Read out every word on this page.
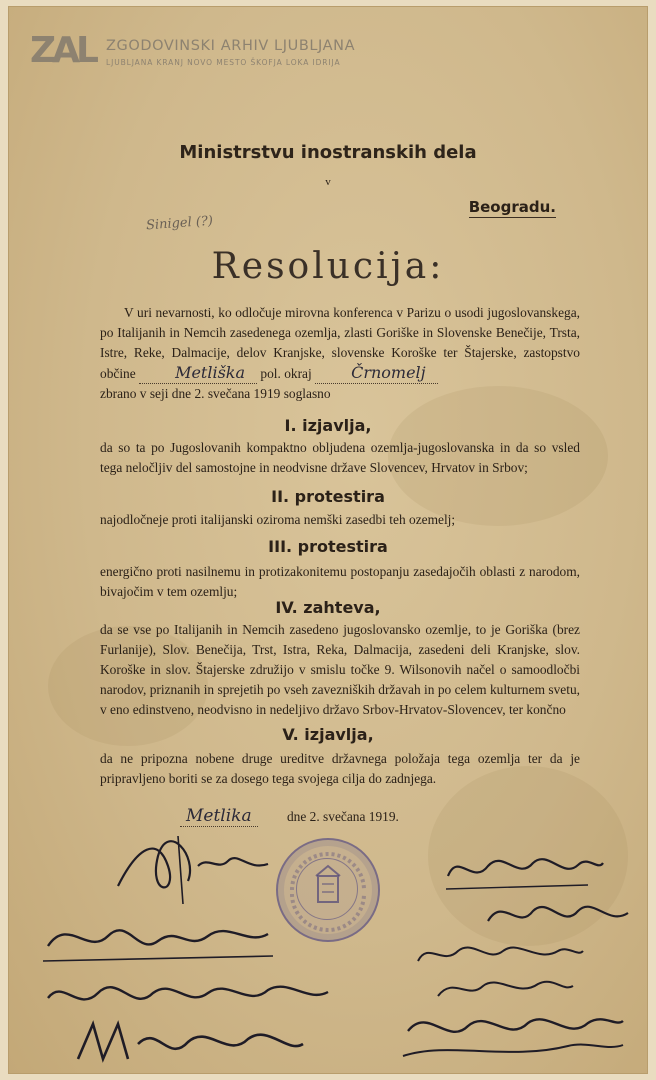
ZAL ZGODOVINSKI ARHIV LJUBLJANA
LJUBLJANA KRANJ NOVO MESTO ŠKOFJA LOKA IDRIJA
Ministrstvu inostranskih dela
v
Beogradu.
Sinigel (?)
Resolucija:
V uri nevarnosti, ko odločuje mirovna konferenca v Parizu o usodi jugoslovanskega, po Italijanih in Nemcih zasedenega ozemlja, zlasti Goriške in Slovenske Benečije, Trsta, Istre, Reke, Dalmacije, delov Kranjske, slovenske Koroške ter Štajerske, zastopstvo občine Metliška pol. okraj Črnomelj
zbrano v seji dne 2. svečana 1919 soglasno
I. izjavlja,
da so ta po Jugoslovanih kompaktno obljudena ozemlja-jugoslovanska in da so vsled tega neločljiv del samostojne in neodvisne države Slovencev, Hrvatov in Srbov;
II. protestira
najodločneje proti italijanski oziroma nemški zasedbi teh ozemelj;
III. protestira
energično proti nasilnemu in protizakonitemu postopanju zasedajočih oblasti z narodom, bivajočim v tem ozemlju;
IV. zahteva,
da se vse po Italijanih in Nemcih zasedeno jugoslovansko ozemlje, to je Goriška (brez Furlanije), Slov. Benečija, Trst, Istra, Reka, Dalmacija, zasedeni deli Kranjske, slov. Koroške in slov. Štajerske združijo v smislu točke 9. Wilsonovih načel o samoodločbi narodov, priznanih in sprejetih po vseh zavezniških državah in po celem kulturnem svetu, v eno edinstveno, neodvisno in nedeljivo državo Srbov-Hrvatov-Slovencev, ter končno
V. izjavlja,
da ne pripozna nobene druge ureditve državnega položaja tega ozemlja ter da je pripravljeno boriti se za dosego tega svojega cilja do zadnjega.
Metlika	dne 2. svečana 1919.
